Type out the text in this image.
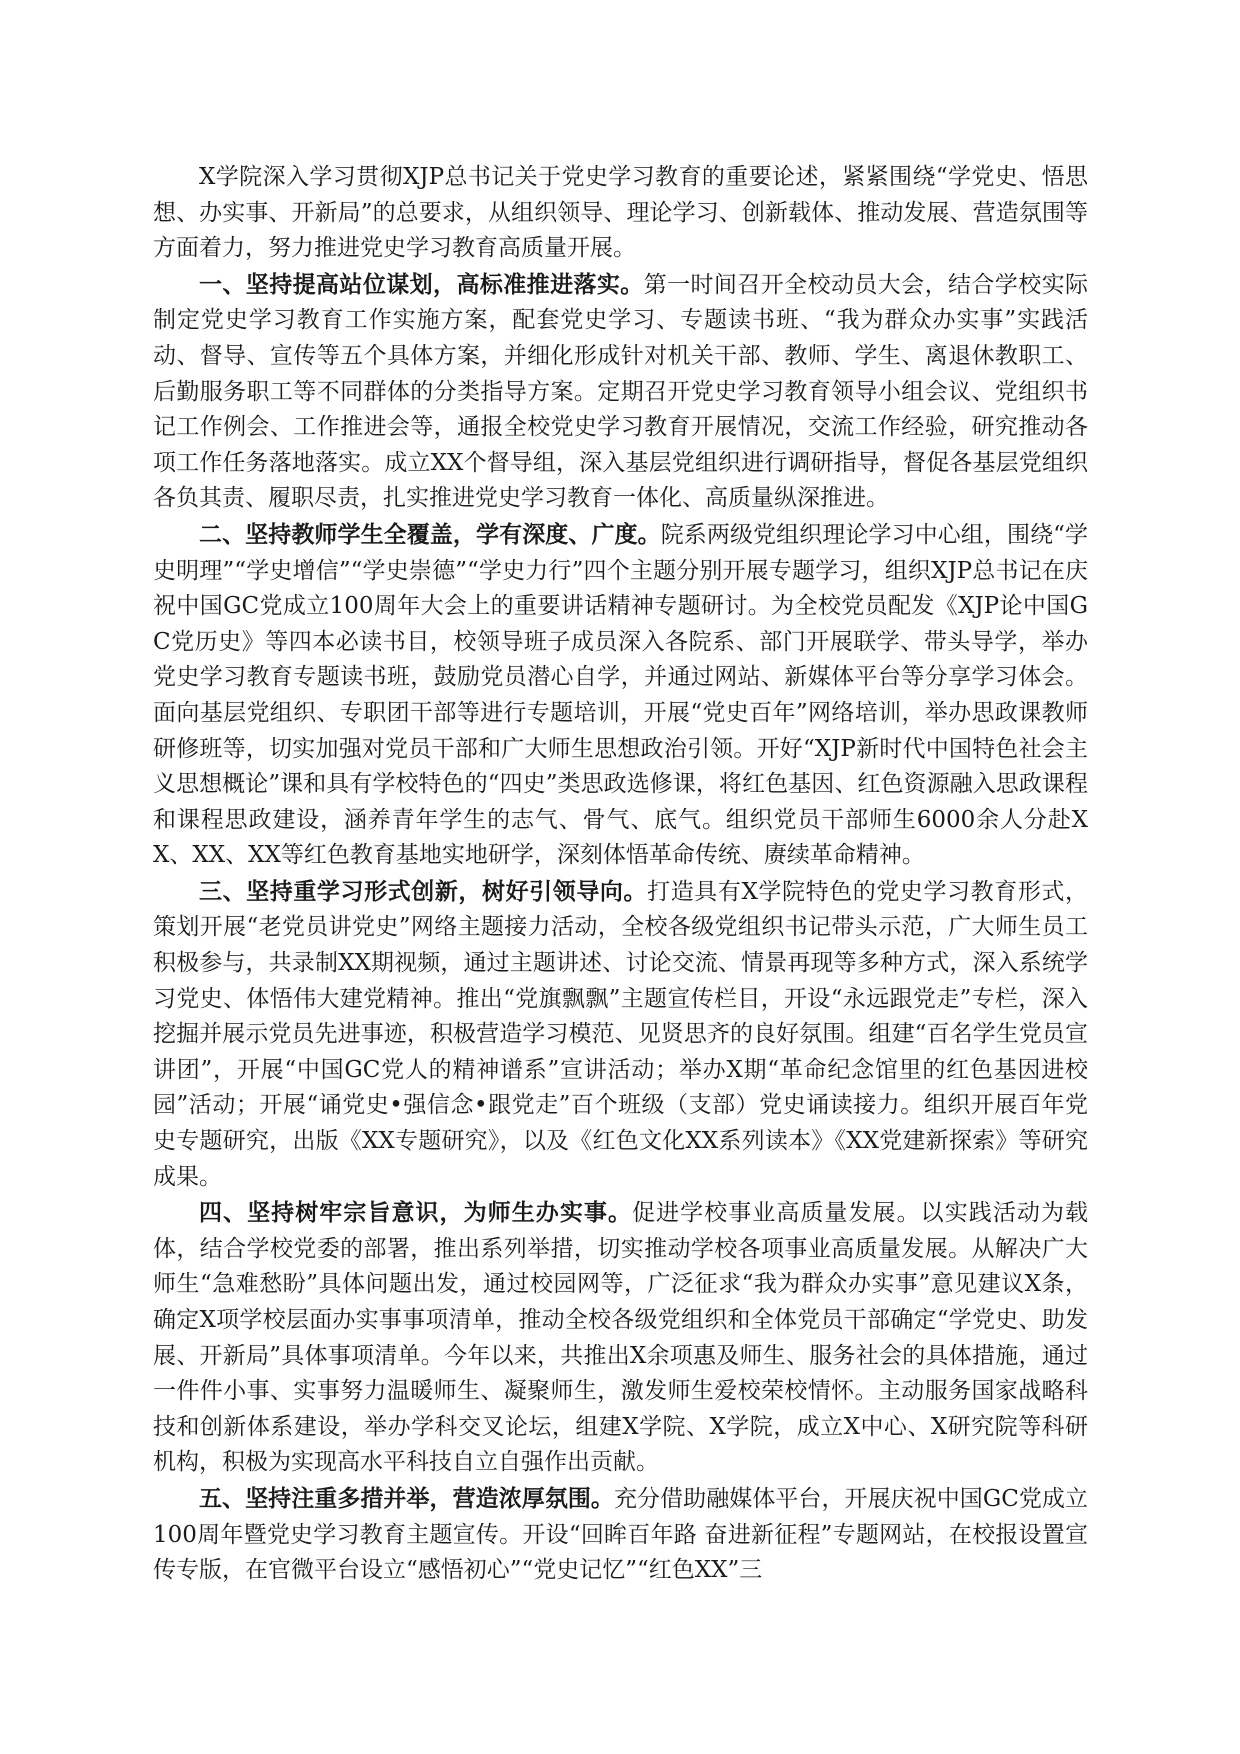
X学院深入学习贯彻XJP总书记关于党史学习教育的重要论述，紧紧围绕“学党史、悟思想、办实事、开新局”的总要求，从组织领导、理论学习、创新载体、推动发展、营造氛围等方面着力，努力推进党史学习教育高质量开展。

一、坚持提高站位谋划，高标准推进落实。第一时间召开全校动员大会，结合学校实际制定党史学习教育工作实施方案，配套党史学习、专题读书班、“我为群众办实事”实践活动、督导、宣传等五个具体方案，并细化形成针对机关干部、教师、学生、离退休教职工、后勤服务职工等不同群体的分类指导方案。定期召开党史学习教育领导小组会议、党组织书记工作例会、工作推进会等，通报全校党史学习教育开展情况，交流工作经验，研究推动各项工作任务落地落实。成立XX个督导组，深入基层党组织进行调研指导，督促各基层党组织各负其责、履职尽责，扎实推进党史学习教育一体化、高质量纵深推进。

二、坚持教师学生全覆盖，学有深度、广度。院系两级党组织理论学习中心组，围绕“学史明理”“学史增信”“学史崇德”“学史力行”四个主题分别开展专题学习，组织XJP总书记在庆祝中国GC党成立100周年大会上的重要讲话精神专题研讨。为全校党员配发《XJP论中国GC党历史》等四本必读书目，校领导班子成员深入各院系、部门开展联学、带头导学，举办党史学习教育专题读书班，鼓励党员潜心自学，并通过网站、新媒体平台等分享学习体会。面向基层党组织、专职团干部等进行专题培训，开展“党史百年”网络培训，举办思政课教师研修班等，切实加强对党员干部和广大师生思想政治引领。开好“XJP新时代中国特色社会主义思想概论”课和具有学校特色的“四史”类思政选修课，将红色基因、红色资源融入思政课程和课程思政建设，涵养青年学生的志气、骨气、底气。组织党员干部师生6000余人分赴XX、XX、XX等红色教育基地实地研学，深刻体悟革命传统、赓续革命精神。

三、坚持重学习形式创新，树好引领导向。打造具有X学院特色的党史学习教育形式，策划开展“老党员讲党史”网络主题接力活动，全校各级党组织书记带头示范，广大师生员工积极参与，共录制XX期视频，通过主题讲述、讨论交流、情景再现等多种方式，深入系统学习党史、体悟伟大建党精神。推出“党旗飘飘”主题宣传栏目，开设“永远跟党走”专栏，深入挖掘并展示党员先进事迹，积极营造学习模范、见贤思齐的良好氛围。组建“百名学生党员宣讲团”，开展“中国GC党人的精神谱系”宣讲活动；举办X期“革命纪念馆里的红色基因进校园”活动；开展“诵党史•强信念•跟党走”百个班级（支部）党史诵读接力。组织开展百年党史专题研究，出版《XX专题研究》，以及《红色文化XX系列读本》《XX党建新探索》等研究成果。

四、坚持树牢宗旨意识，为师生办实事。促进学校事业高质量发展。以实践活动为载体，结合学校党委的部署，推出系列举措，切实推动学校各项事业高质量发展。从解决广大师生“急难愁盼”具体问题出发，通过校园网等，广泛征求“我为群众办实事”意见建议X条，确定X项学校层面办实事事项清单，推动全校各级党组织和全体党员干部确定“学党史、助发展、开新局”具体事项清单。今年以来，共推出X余项惠及师生、服务社会的具体措施，通过一件件小事、实事努力温暖师生、凝聚师生，激发师生爱校荣校情怀。主动服务国家战略科技和创新体系建设，举办学科交叉论坛，组建X学院、X学院，成立X中心、X研究院等科研机构，积极为实现高水平科技自立自强作出贡献。

五、坚持注重多措并举，营造浓厚氛围。充分借助融媒体平台，开展庆祝中国GC党成立100周年暨党史学习教育主题宣传。开设“回眸百年路 奋进新征程”专题网站，在校报设置宣传专版，在官微平台设立“感悟初心”“党史记忆”“红色XX”三
